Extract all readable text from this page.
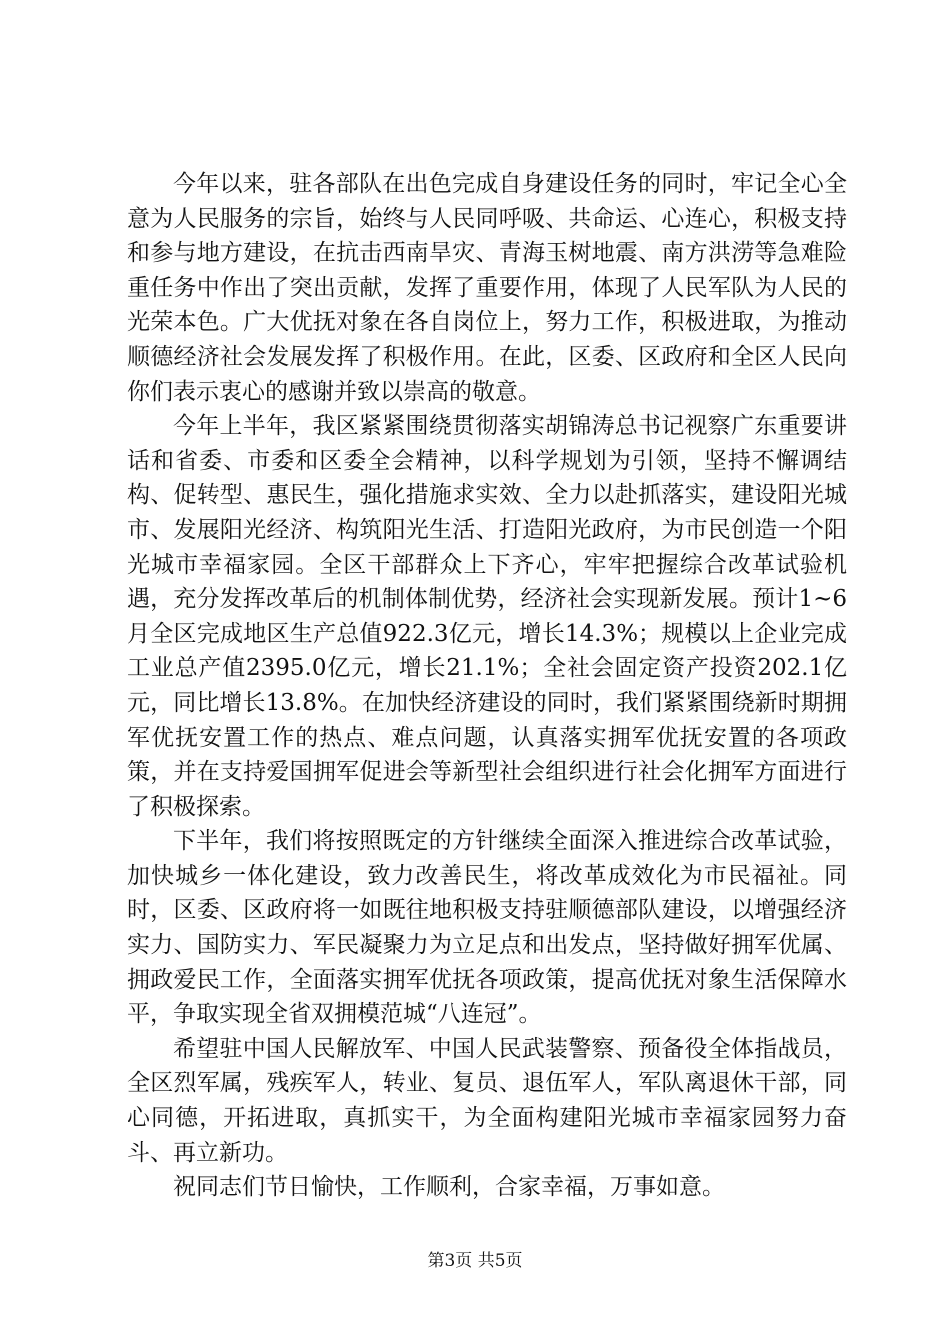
今年以来，驻各部队在出色完成自身建设任务的同时，牢记全心全意为人民服务的宗旨，始终与人民同呼吸、共命运、心连心，积极支持和参与地方建设，在抗击西南旱灾、青海玉树地震、南方洪涝等急难险重任务中作出了突出贡献，发挥了重要作用，体现了人民军队为人民的光荣本色。广大优抚对象在各自岗位上，努力工作，积极进取，为推动顺德经济社会发展发挥了积极作用。在此，区委、区政府和全区人民向你们表示衷心的感谢并致以崇高的敬意。

今年上半年，我区紧紧围绕贯彻落实胡锦涛总书记视察广东重要讲话和省委、市委和区委全会精神，以科学规划为引领，坚持不懈调结构、促转型、惠民生，强化措施求实效、全力以赴抓落实，建设阳光城市、发展阳光经济、构筑阳光生活、打造阳光政府，为市民创造一个阳光城市幸福家园。全区干部群众上下齐心，牢牢把握综合改革试验机遇，充分发挥改革后的机制体制优势，经济社会实现新发展。预计1~6月全区完成地区生产总值922.3亿元，增长14.3%；规模以上企业完成工业总产值2395.0亿元，增长21.1%；全社会固定资产投资202.1亿元，同比增长13.8%。在加快经济建设的同时，我们紧紧围绕新时期拥军优抚安置工作的热点、难点问题，认真落实拥军优抚安置的各项政策，并在支持爱国拥军促进会等新型社会组织进行社会化拥军方面进行了积极探索。

下半年，我们将按照既定的方针继续全面深入推进综合改革试验，加快城乡一体化建设，致力改善民生，将改革成效化为市民福祉。同时，区委、区政府将一如既往地积极支持驻顺德部队建设，以增强经济实力、国防实力、军民凝聚力为立足点和出发点，坚持做好拥军优属、拥政爱民工作，全面落实拥军优抚各项政策，提高优抚对象生活保障水平，争取实现全省双拥模范城“八连冠”。

希望驻中国人民解放军、中国人民武装警察、预备役全体指战员，全区烈军属，残疾军人，转业、复员、退伍军人，军队离退休干部，同心同德，开拓进取，真抓实干，为全面构建阳光城市幸福家园努力奋斗、再立新功。

祝同志们节日愉快，工作顺利，合家幸福，万事如意。

第3页 共5页
